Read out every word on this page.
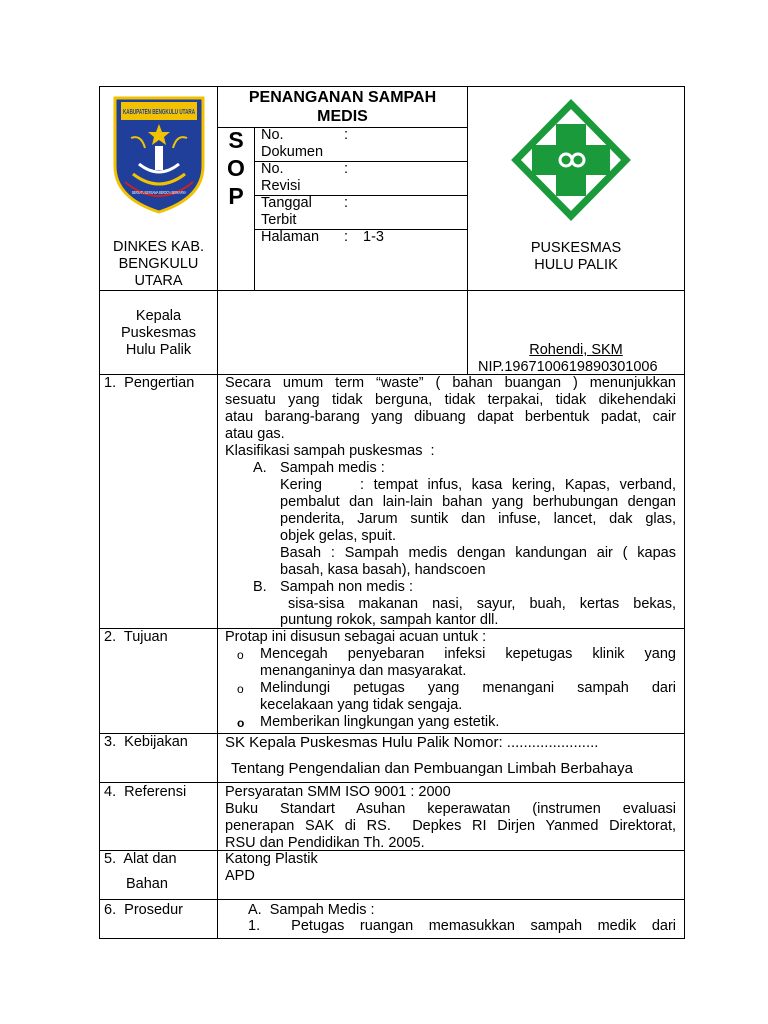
KABUPATEN BENGKULU UTARA
BERSATU BERSAMA BERDO'A BERKARYA
DINKES KAB.
BENGKULU
UTARA
PENANGANAN SAMPAH
MEDIS
S
O
P
No.	:
Dokumen
No.	:
Revisi
Tanggal :
Terbit
Halaman : 1-3
PUSKESMAS
HULU PALIK
Kepala
Puskesmas
Hulu Palik	Rohendi, SKM
NIP.1967100619890301006
1.  Pengertian Secara umum term “waste” ( bahan buangan ) menunjukkan
sesuatu yang tidak berguna, tidak terpakai, tidak dikehendaki
atau barang-barang yang dibuang dapat berbentuk padat, cair
atau gas.
Klasifikasi sampah puskesmas  :
A. Sampah medis :
Kering    : tempat infus, kasa kering, Kapas, verband,
pembalut dan lain-lain bahan yang berhubungan dengan
penderita, Jarum suntik dan infuse, lancet, dak glas,
objek gelas, spuit.
Basah : Sampah medis dengan kandungan air ( kapas
basah, kasa basah), handscoen
B. Sampah non medis :
sisa-sisa makanan nasi, sayur, buah, kertas bekas,
puntung rokok, sampah kantor dll.
2.  Tujuan	Protap ini disusun sebagai acuan untuk :
o Mencegah penyebaran infeksi kepetugas klinik yang
menanganinya dan masyarakat.
o Melindungi petugas yang menangani sampah dari
kecelakaan yang tidak sengaja.
o Memberikan lingkungan yang estetik.
3.  Kebijakan SK Kepala Puskesmas Hulu Palik Nomor: ......................
Tentang Pengendalian dan Pembuangan Limbah Berbahaya
4.  Referensi	Persyaratan SMM ISO 9001 : 2000
Buku Standart Asuhan keperawatan (instrumen evaluasi
penerapan SAK di RS.  Depkes RI Dirjen Yanmed Direktorat,
RSU dan Pendidikan Th. 2005.
5.  Alat dan
Bahan
Katong Plastik
APD
6.  Prosedur	A.  Sampah Medis :
1.  Petugas ruangan memasukkan sampah medik dari
